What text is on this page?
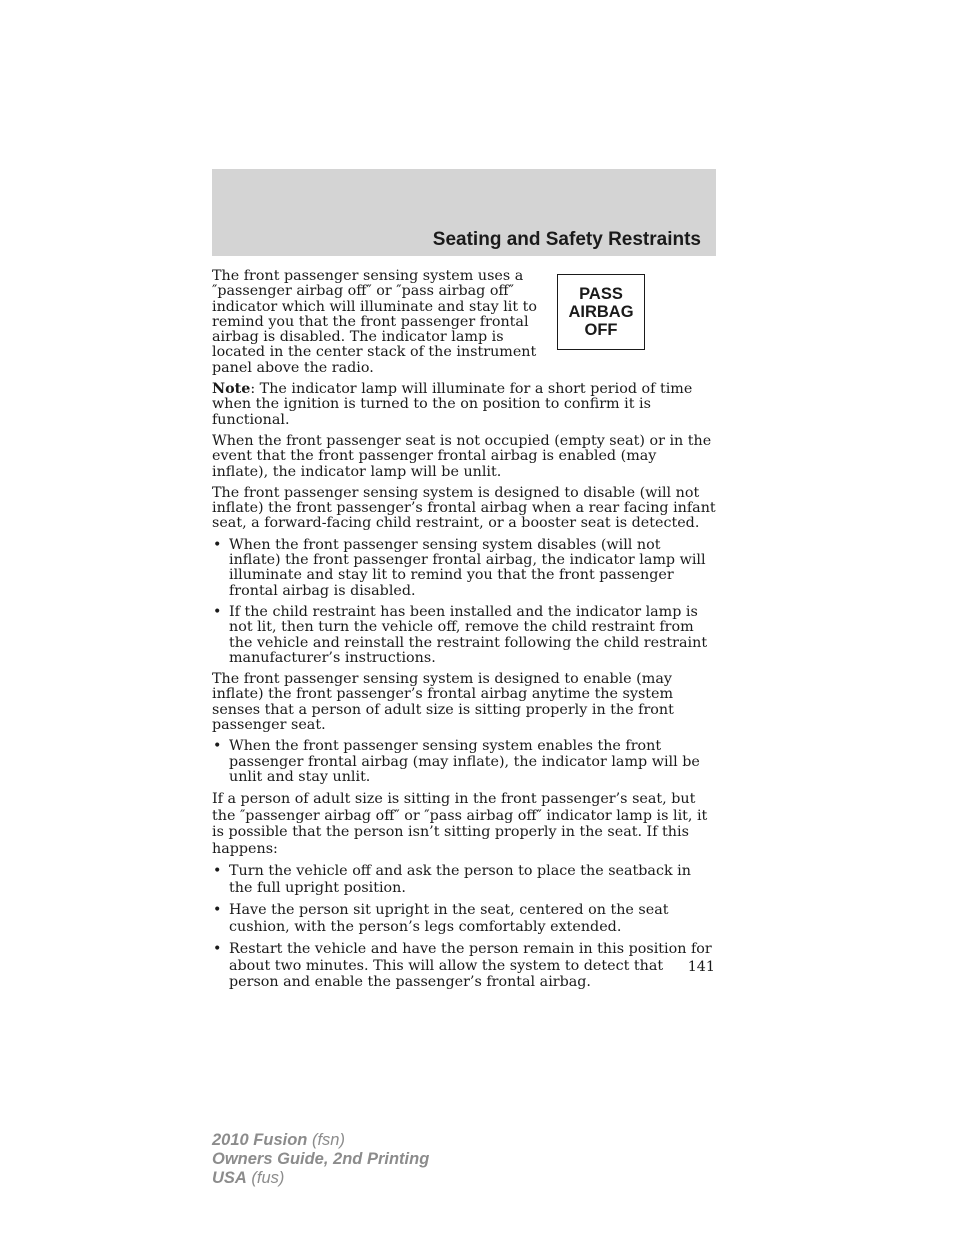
Seating and Safety Restraints
PASS
AIRBAG
OFF

The front passenger sensing system uses a ″passenger airbag off″ or ″pass airbag off″ indicator which will illuminate and stay lit to remind you that the front passenger frontal airbag is disabled. The indicator lamp is located in the center stack of the instrument panel above the radio.

Note: The indicator lamp will illuminate for a short period of time when the ignition is turned to the on position to confirm it is functional.

When the front passenger seat is not occupied (empty seat) or in the event that the front passenger frontal airbag is enabled (may inflate), the indicator lamp will be unlit.

The front passenger sensing system is designed to disable (will not inflate) the front passenger’s frontal airbag when a rear facing infant seat, a forward-facing child restraint, or a booster seat is detected.

• When the front passenger sensing system disables (will not inflate) the front passenger frontal airbag, the indicator lamp will illuminate and stay lit to remind you that the front passenger frontal airbag is disabled.
• If the child restraint has been installed and the indicator lamp is not lit, then turn the vehicle off, remove the child restraint from the vehicle and reinstall the restraint following the child restraint manufacturer’s instructions.

The front passenger sensing system is designed to enable (may inflate) the front passenger’s frontal airbag anytime the system senses that a person of adult size is sitting properly in the front passenger seat.

• When the front passenger sensing system enables the front passenger frontal airbag (may inflate), the indicator lamp will be unlit and stay unlit.

If a person of adult size is sitting in the front passenger’s seat, but the ″passenger airbag off″ or ″pass airbag off″ indicator lamp is lit, it is possible that the person isn’t sitting properly in the seat. If this happens:

• Turn the vehicle off and ask the person to place the seatback in the full upright position.
• Have the person sit upright in the seat, centered on the seat cushion, with the person’s legs comfortably extended.
• Restart the vehicle and have the person remain in this position for about two minutes. This will allow the system to detect that person and enable the passenger’s frontal airbag.
141
2010 Fusion (fsn)
Owners Guide, 2nd Printing
USA (fus)
